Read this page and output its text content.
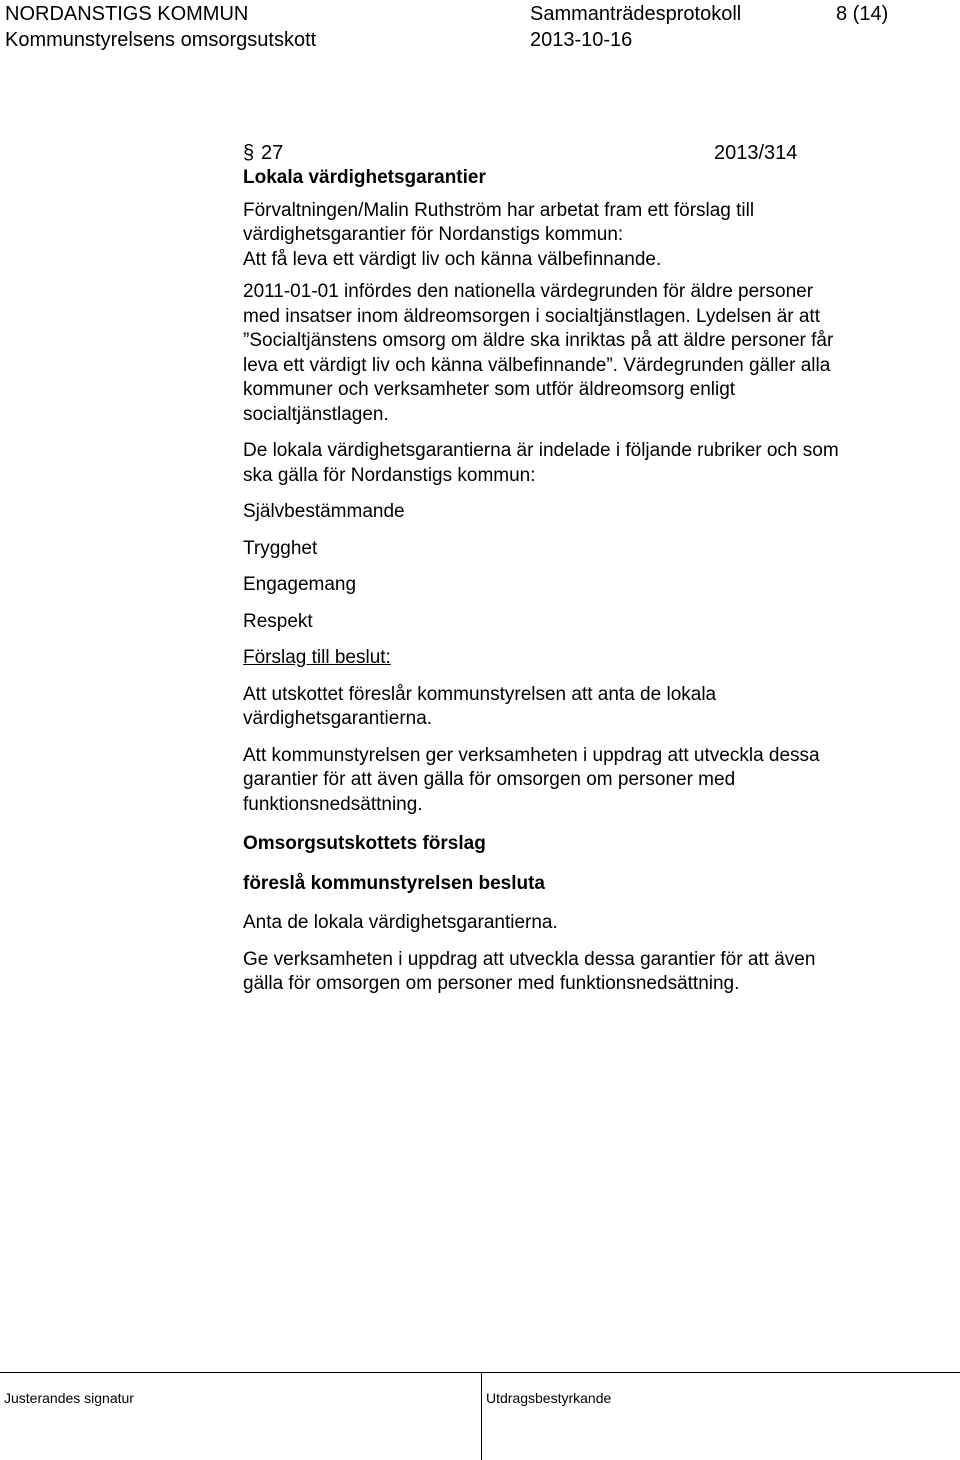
NORDANSTIGS KOMMUN
Kommunstyrelsens omsorgsutskott
Sammanträdesprotokoll
2013-10-16
8 (14)
§ 27	2013/314
Lokala värdighetsgarantier
Förvaltningen/Malin Ruthström har arbetat fram ett förslag till
värdighetsgarantier för Nordanstigs kommun:
Att få leva ett värdigt liv och känna välbefinnande.
2011-01-01 infördes den nationella värdegrunden för äldre personer
med insatser inom äldreomsorgen i socialtjänstlagen. Lydelsen är att
”Socialtjänstens omsorg om äldre ska inriktas på att äldre personer får
leva ett värdigt liv och känna välbefinnande”. Värdegrunden gäller alla
kommuner och verksamheter som utför äldreomsorg enligt
socialtjänstlagen.
De lokala värdighetsgarantierna är indelade i följande rubriker och som
ska gälla för Nordanstigs kommun:
Självbestämmande
Trygghet
Engagemang
Respekt
Förslag till beslut:
Att utskottet föreslår kommunstyrelsen att anta de lokala
värdighetsgarantierna.
Att kommunstyrelsen ger verksamheten i uppdrag att utveckla dessa
garantier för att även gälla för omsorgen om personer med
funktionsnedsättning.
Omsorgsutskottets förslag
föreslå kommunstyrelsen besluta
Anta de lokala värdighetsgarantierna.
Ge verksamheten i uppdrag att utveckla dessa garantier för att även
gälla för omsorgen om personer med funktionsnedsättning.
Justerandes signatur	Utdragsbestyrkande
